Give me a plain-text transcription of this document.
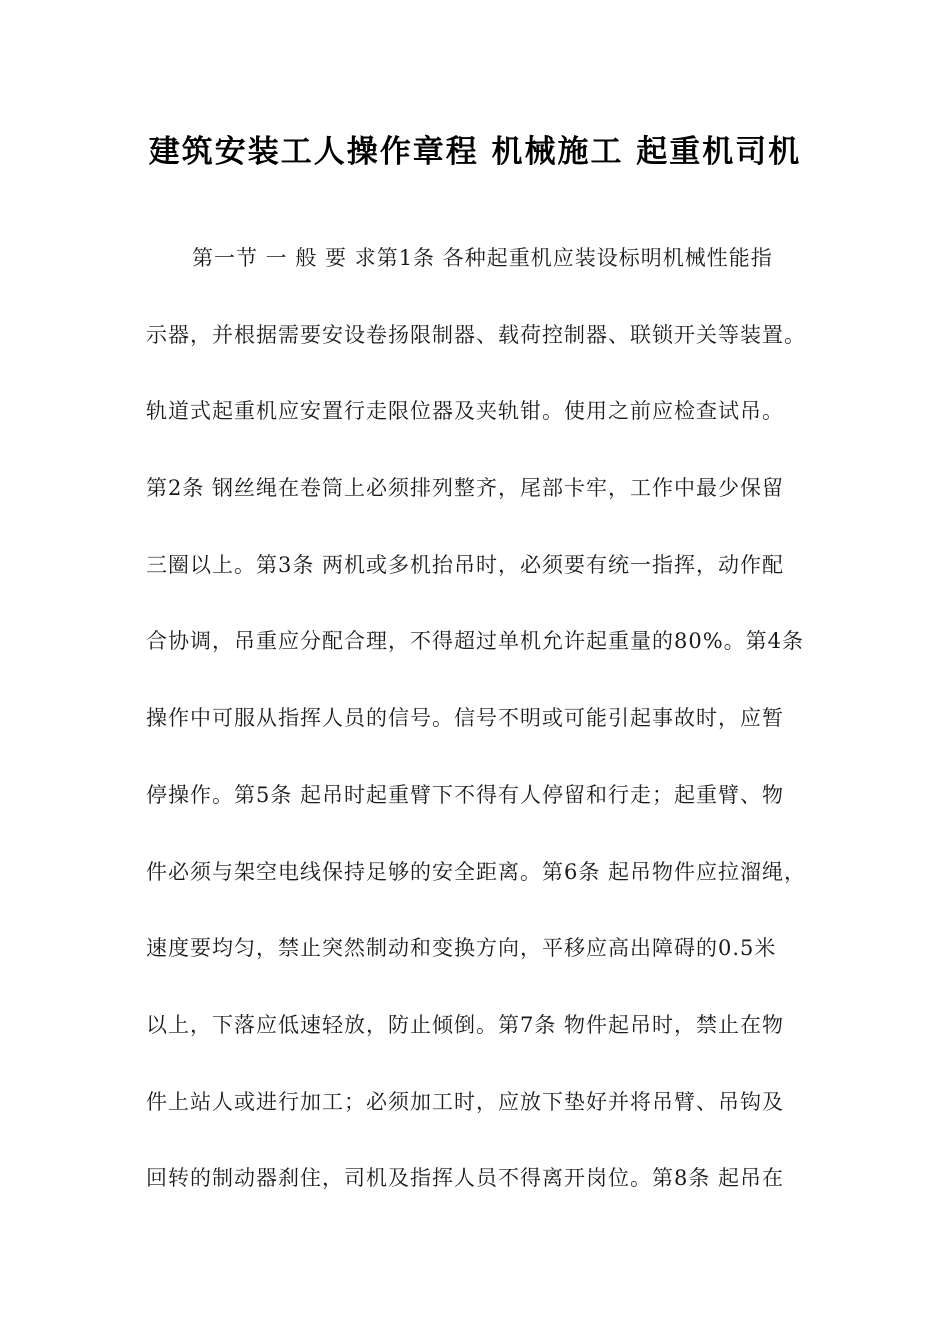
建筑安装工人操作章程 机械施工 起重机司机
第一节 一 般 要 求第1条 各种起重机应装设标明机械性能指
示器，并根据需要安设卷扬限制器、载荷控制器、联锁开关等装置。
轨道式起重机应安置行走限位器及夹轨钳。使用之前应检查试吊。
第2条 钢丝绳在卷筒上必须排列整齐，尾部卡牢，工作中最少保留
三圈以上。第3条 两机或多机抬吊时，必须要有统一指挥，动作配
合协调，吊重应分配合理，不得超过单机允许起重量的80%。第4条
操作中可服从指挥人员的信号。信号不明或可能引起事故时，应暂
停操作。第5条 起吊时起重臂下不得有人停留和行走；起重臂、物
件必须与架空电线保持足够的安全距离。第6条 起吊物件应拉溜绳，
速度要均匀，禁止突然制动和变换方向，平移应高出障碍的0.5米
以上，下落应低速轻放，防止倾倒。第7条 物件起吊时，禁止在物
件上站人或进行加工；必须加工时，应放下垫好并将吊臂、吊钩及
回转的制动器刹住，司机及指挥人员不得离开岗位。第8条 起吊在
